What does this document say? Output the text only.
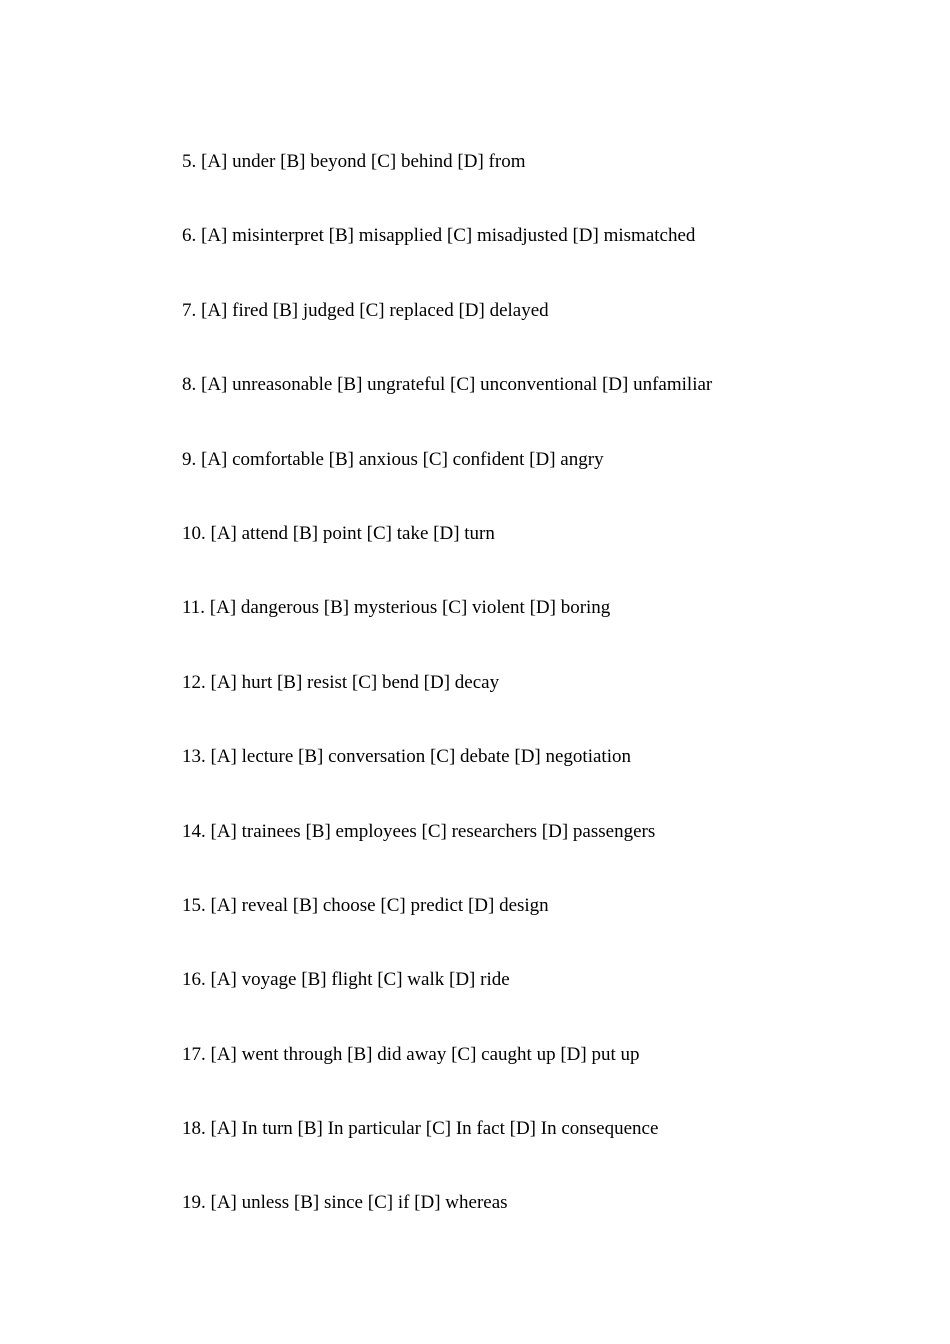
5. [A] under [B] beyond [C] behind [D] from
6. [A] misinterpret [B] misapplied [C] misadjusted [D] mismatched
7. [A] fired [B] judged [C] replaced [D] delayed
8. [A] unreasonable [B] ungrateful [C] unconventional [D] unfamiliar
9. [A] comfortable [B] anxious [C] confident [D] angry
10. [A] attend [B] point [C] take [D] turn
11. [A] dangerous [B] mysterious [C] violent [D] boring
12. [A] hurt [B] resist [C] bend [D] decay
13. [A] lecture [B] conversation [C] debate [D] negotiation
14. [A] trainees [B] employees [C] researchers [D] passengers
15. [A] reveal [B] choose [C] predict [D] design
16. [A] voyage [B] flight [C] walk [D] ride
17. [A] went through [B] did away [C] caught up [D] put up
18. [A] In turn [B] In particular [C] In fact [D] In consequence
19. [A] unless [B] since [C] if [D] whereas
